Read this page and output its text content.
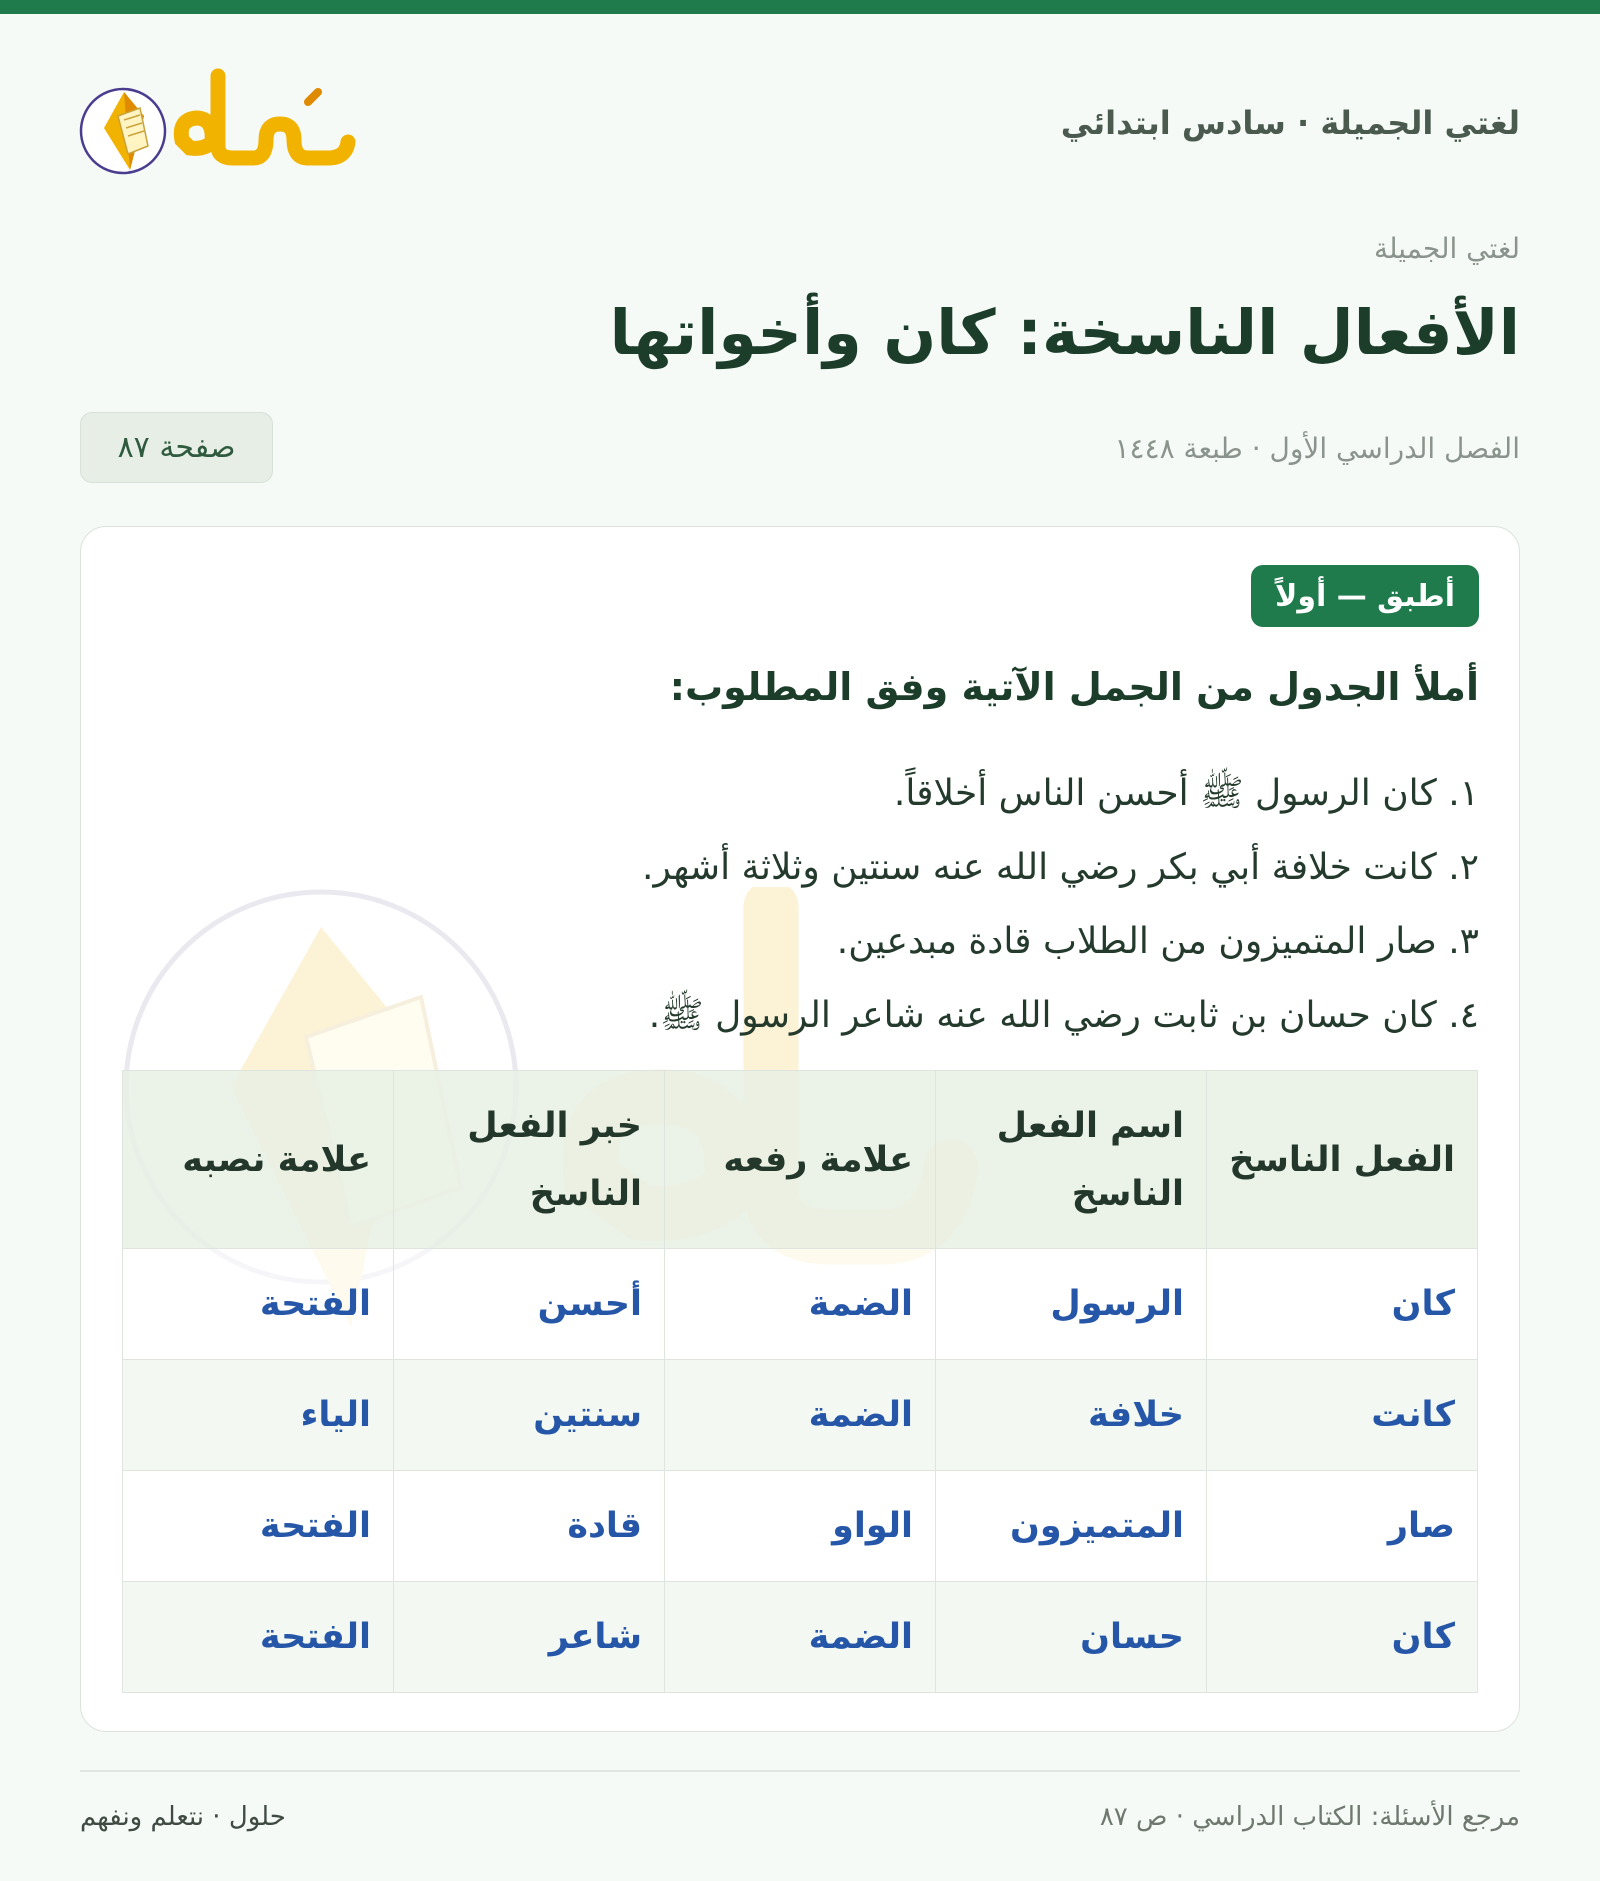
لغتي الجميلة · سادس ابتدائي
لغتي الجميلة
الأفعال الناسخة: كان وأخواتها
الفصل الدراسي الأول · طبعة ١٤٤٨
صفحة ٨٧
أطبق — أولاً
أملأ الجدول من الجمل الآتية وفق المطلوب:
١. كان الرسول ﷺ أحسن الناس أخلاقاً.
٢. كانت خلافة أبي بكر رضي الله عنه سنتين وثلاثة أشهر.
٣. صار المتميزون من الطلاب قادة مبدعين.
٤. كان حسان بن ثابت رضي الله عنه شاعر الرسول ﷺ.
الفعل الناسخ	اسم الفعل الناسخ	علامة رفعه	خبر الفعل الناسخ	علامة نصبه
كان	الرسول	الضمة	أحسن	الفتحة
كانت	خلافة	الضمة	سنتين	الياء
صار	المتميزون	الواو	قادة	الفتحة
كان	حسان	الضمة	شاعر	الفتحة
مرجع الأسئلة: الكتاب الدراسي · ص ٨٧
حلول · نتعلم ونفهم
